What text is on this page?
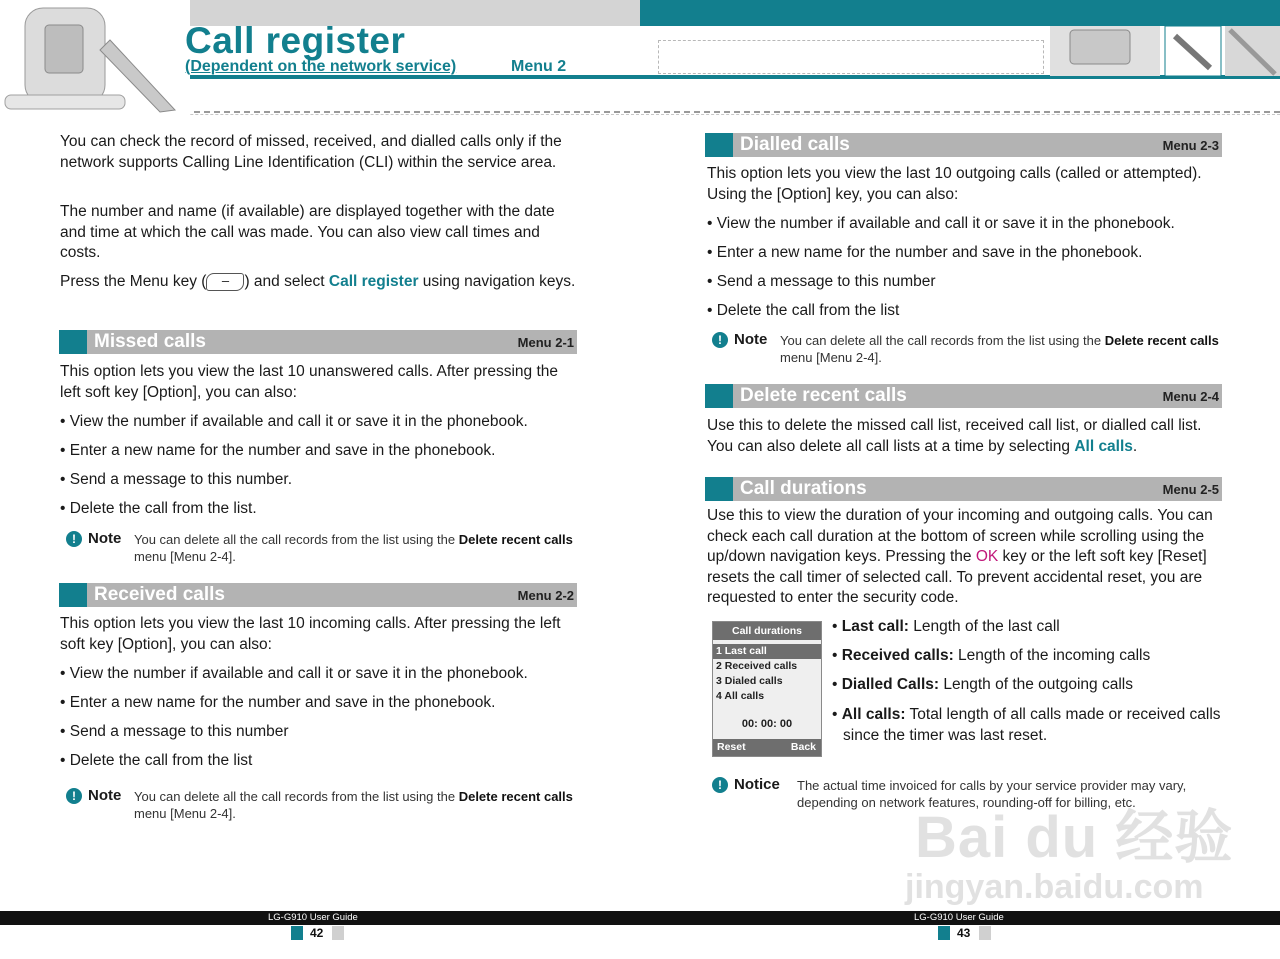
Call register
(Dependent on the network service)	Menu 2
Call register
You can check the record of missed, received, and dialled calls only if the network supports Calling Line Identification (CLI) within the service area.
The number and name (if available) are displayed together with the date and time at which the call was made. You can also view call times and costs.
Press the Menu key ( – ) and select Call register using navigation keys.
Missed calls	Menu 2-1
This option lets you view the last 10 unanswered calls. After pressing the left soft key [Option], you can also:
• View the number if available and call it or save it in the phonebook.
• Enter a new name for the number and save in the phonebook.
• Send a message to this number.
• Delete the call from the list.
! Note You can delete all the call records from the list using the Delete recent calls menu [Menu 2-4].
Received calls	Menu 2-2
This option lets you view the last 10 incoming calls. After pressing the left soft key [Option], you can also:
• View the number if available and call it or save it in the phonebook.
• Enter a new name for the number and save in the phonebook.
• Send a message to this number
• Delete the call from the list
! Note You can delete all the call records from the list using the Delete recent calls menu [Menu 2-4].
Dialled calls	Menu 2-3
This option lets you view the last 10 outgoing calls (called or attempted). Using the [Option] key, you can also:
• View the number if available and call it or save it in the phonebook.
• Enter a new name for the number and save in the phonebook.
• Send a message to this number
• Delete the call from the list
! Note You can delete all the call records from the list using the Delete recent calls menu [Menu 2-4].
Delete recent calls	Menu 2-4
Use this to delete the missed call list, received call list, or dialled call list. You can also delete all call lists at a time by selecting All calls.
Call durations	Menu 2-5
Use this to view the duration of your incoming and outgoing calls. You can check each call duration at the bottom of screen while scrolling using the up/down navigation keys. Pressing the OK key or the left soft key [Reset] resets the call timer of selected call. To prevent accidental reset, you are requested to enter the security code.
Call durations
1 Last call
2 Received calls
3 Dialed calls
4 All calls
00: 00: 00
Reset	Back
• Last call: Length of the last call
• Received calls: Length of the incoming calls
• Dialled Calls: Length of the outgoing calls
• All calls: Total length of all calls made or received calls since the timer was last reset.
! Notice The actual time invoiced for calls by your service provider may vary, depending on network features, rounding-off for billing, etc.
Bai du 经验
jingyan.baidu.com
LG-G910 User Guide	LG-G910 User Guide
42	43
